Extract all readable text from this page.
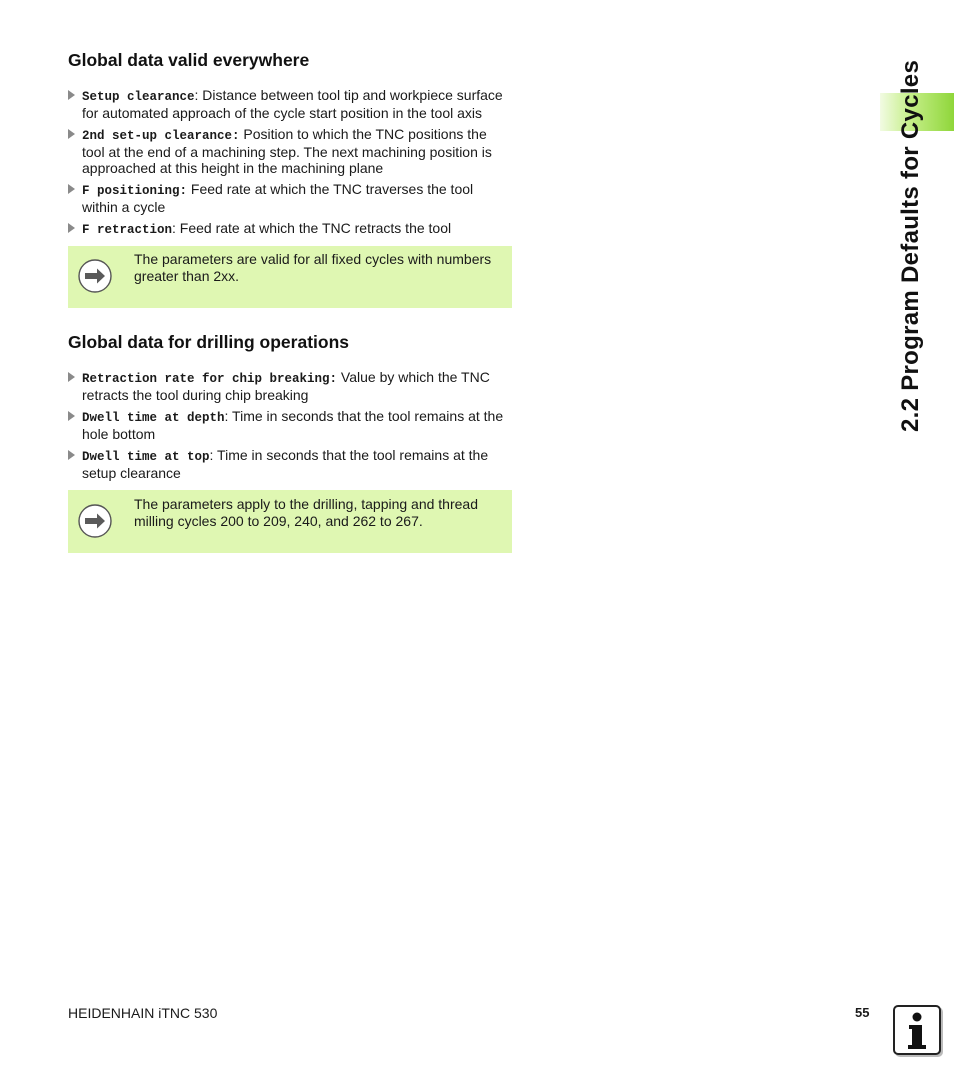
Global data valid everywhere
Setup clearance: Distance between tool tip and workpiece surface for automated approach of the cycle start position in the tool axis
2nd set-up clearance: Position to which the TNC positions the tool at the end of a machining step. The next machining position is approached at this height in the machining plane
F positioning: Feed rate at which the TNC traverses the tool within a cycle
F retraction: Feed rate at which the TNC retracts the tool
The parameters are valid for all fixed cycles with numbers greater than 2xx.
Global data for drilling operations
Retraction rate for chip breaking: Value by which the TNC retracts the tool during chip breaking
Dwell time at depth: Time in seconds that the tool remains at the hole bottom
Dwell time at top: Time in seconds that the tool remains at the setup clearance
The parameters apply to the drilling, tapping and thread milling cycles 200 to 209, 240, and 262 to 267.
2.2 Program Defaults for Cycles
HEIDENHAIN iTNC 530	55
